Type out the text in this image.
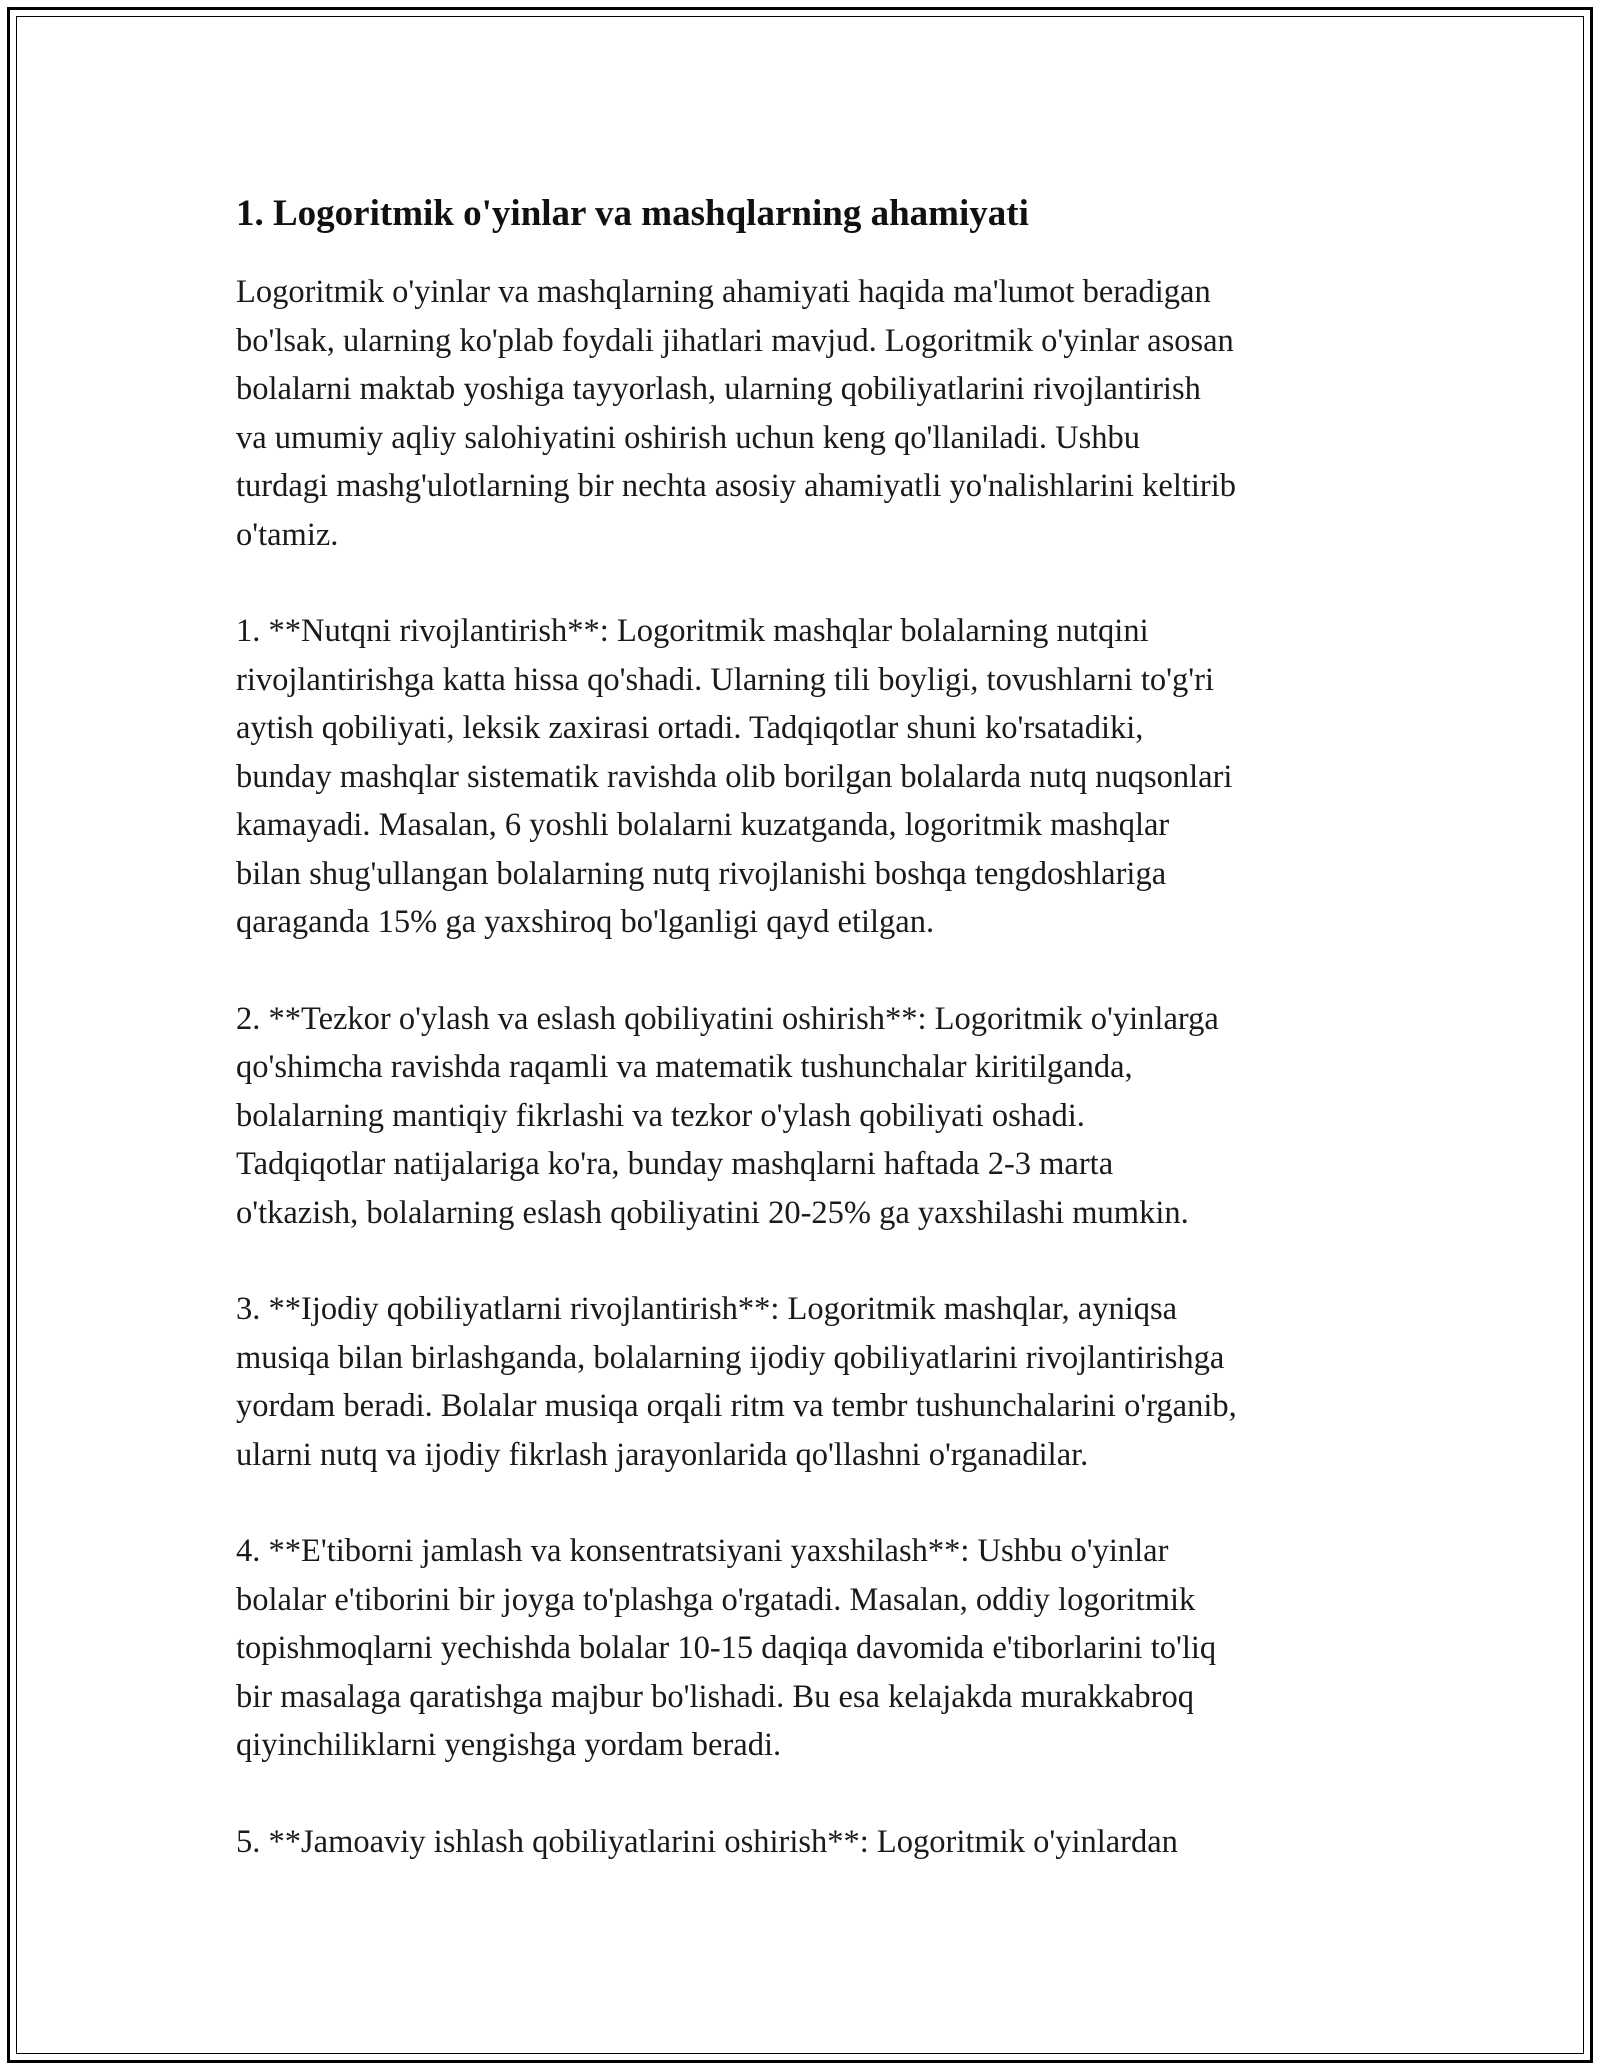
1. Logoritmik o'yinlar va mashqlarning ahamiyati

Logoritmik o'yinlar va mashqlarning ahamiyati haqida ma'lumot beradigan
bo'lsak, ularning ko'plab foydali jihatlari mavjud. Logoritmik o'yinlar asosan
bolalarni maktab yoshiga tayyorlash, ularning qobiliyatlarini rivojlantirish
va umumiy aqliy salohiyatini oshirish uchun keng qo'llaniladi. Ushbu
turdagi mashg'ulotlarning bir nechta asosiy ahamiyatli yo'nalishlarini keltirib
o'tamiz.

1. **Nutqni rivojlantirish**: Logoritmik mashqlar bolalarning nutqini
rivojlantirishga katta hissa qo'shadi. Ularning tili boyligi, tovushlarni to'g'ri
aytish qobiliyati, leksik zaxirasi ortadi. Tadqiqotlar shuni ko'rsatadiki,
bunday mashqlar sistematik ravishda olib borilgan bolalarda nutq nuqsonlari
kamayadi. Masalan, 6 yoshli bolalarni kuzatganda, logoritmik mashqlar
bilan shug'ullangan bolalarning nutq rivojlanishi boshqa tengdoshlariga
qaraganda 15% ga yaxshiroq bo'lganligi qayd etilgan.

2. **Tezkor o'ylash va eslash qobiliyatini oshirish**: Logoritmik o'yinlarga
qo'shimcha ravishda raqamli va matematik tushunchalar kiritilganda,
bolalarning mantiqiy fikrlashi va tezkor o'ylash qobiliyati oshadi.
Tadqiqotlar natijalariga ko'ra, bunday mashqlarni haftada 2-3 marta
o'tkazish, bolalarning eslash qobiliyatini 20-25% ga yaxshilashi mumkin.

3. **Ijodiy qobiliyatlarni rivojlantirish**: Logoritmik mashqlar, ayniqsa
musiqa bilan birlashganda, bolalarning ijodiy qobiliyatlarini rivojlantirishga
yordam beradi. Bolalar musiqa orqali ritm va tembr tushunchalarini o'rganib,
ularni nutq va ijodiy fikrlash jarayonlarida qo'llashni o'rganadilar.

4. **E'tiborni jamlash va konsentratsiyani yaxshilash**: Ushbu o'yinlar
bolalar e'tiborini bir joyga to'plashga o'rgatadi. Masalan, oddiy logoritmik
topishmoqlarni yechishda bolalar 10-15 daqiqa davomida e'tiborlarini to'liq
bir masalaga qaratishga majbur bo'lishadi. Bu esa kelajakda murakkabroq
qiyinchiliklarni yengishga yordam beradi.

5. **Jamoaviy ishlash qobiliyatlarini oshirish**: Logoritmik o'yinlardan
